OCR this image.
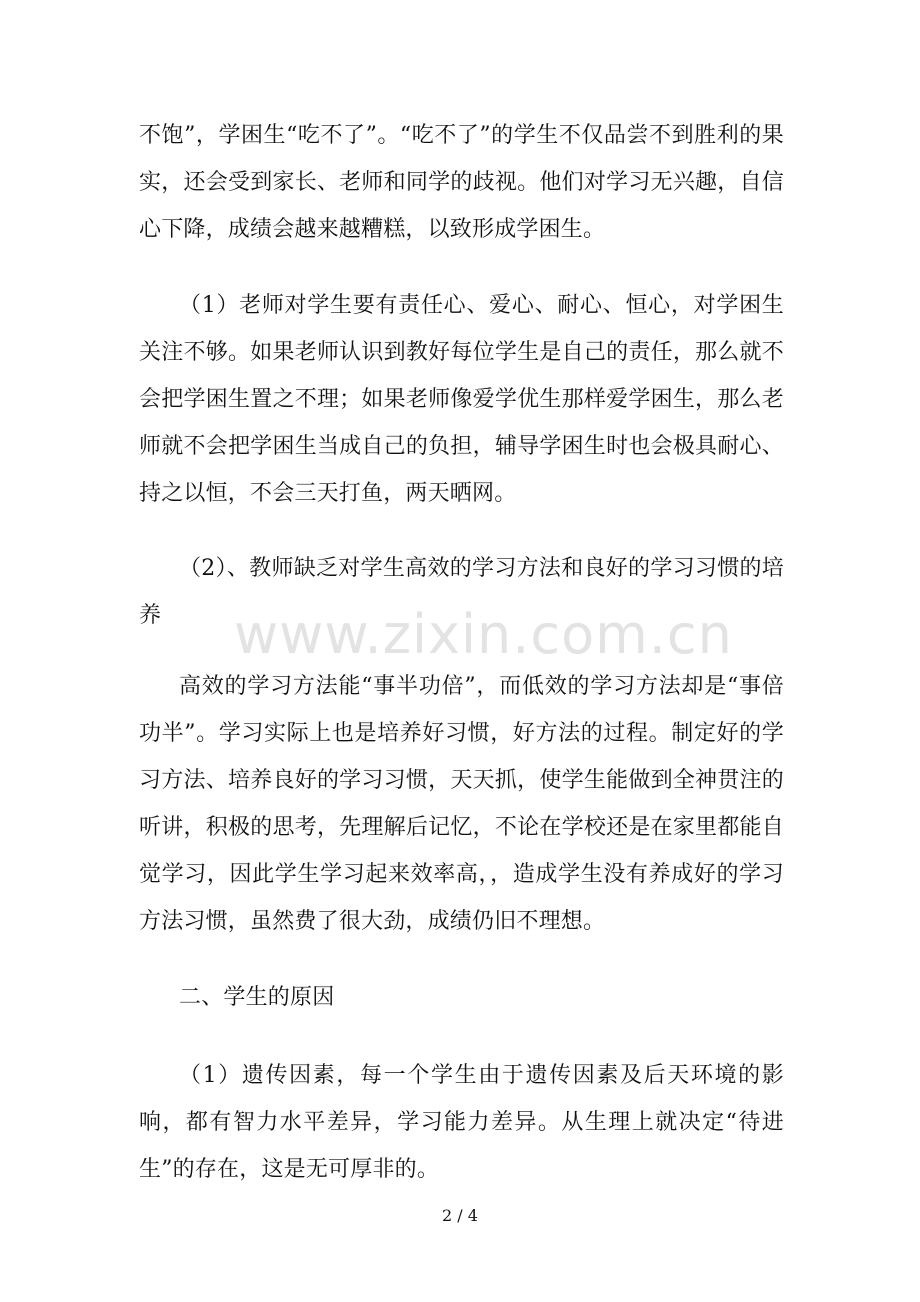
不饱”，学困生“吃不了”。“吃不了”的学生不仅品尝不到胜利的果实，还会受到家长、老师和同学的歧视。他们对学习无兴趣，自信心下降，成绩会越来越糟糕，以致形成学困生。

（1）老师对学生要有责任心、爱心、耐心、恒心，对学困生关注不够。如果老师认识到教好每位学生是自己的责任，那么就不会把学困生置之不理；如果老师像爱学优生那样爱学困生，那么老师就不会把学困生当成自己的负担，辅导学困生时也会极具耐心、持之以恒，不会三天打鱼，两天晒网。

（2）、教师缺乏对学生高效的学习方法和良好的学习习惯的培养

高效的学习方法能“事半功倍”，而低效的学习方法却是“事倍功半”。学习实际上也是培养好习惯，好方法的过程。制定好的学习方法、培养良好的学习习惯，天天抓，使学生能做到全神贯注的听讲，积极的思考，先理解后记忆，不论在学校还是在家里都能自觉学习，因此学生学习起来效率高，，造成学生没有养成好的学习方法习惯，虽然费了很大劲，成绩仍旧不理想。

二、学生的原因

（1）遗传因素，每一个学生由于遗传因素及后天环境的影响，都有智力水平差异，学习能力差异。从生理上就决定“待进生”的存在，这是无可厚非的。

www.zixin.com.cn
2 / 4
